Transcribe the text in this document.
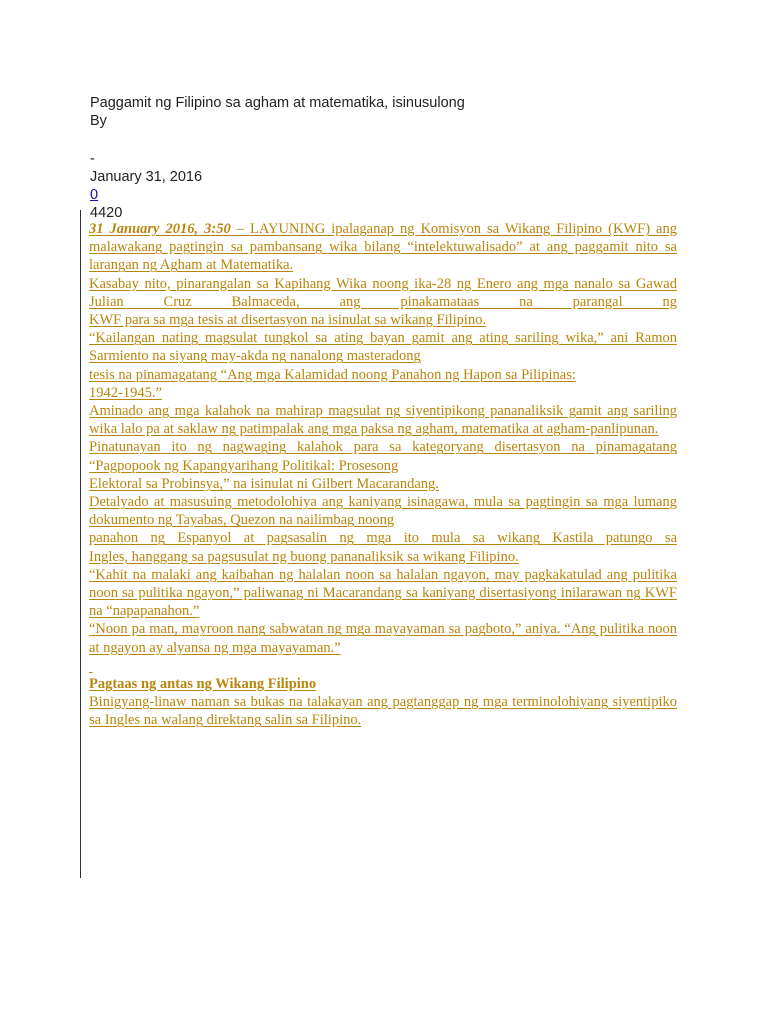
Paggamit ng Filipino sa agham at matematika, isinusulong
By
-
January 31, 2016
0
4420

31 January 2016, 3:50 – LAYUNING ipalaganap ng Komisyon sa Wikang Filipino (KWF) ang malawakang pagtingin sa pambansang wika bilang “intelektuwalisado” at ang paggamit nito sa larangan ng Agham at Matematika.

Kasabay nito, pinarangalan sa Kapihang Wika noong ika-28 ng Enero ang mga nanalo sa Gawad Julian Cruz Balmaceda, ang pinakamataas na parangal ng

KWF para sa mga tesis at disertasyon na isinulat sa wikang Filipino.

“Kailangan nating magsulat tungkol sa ating bayan gamit ang ating sariling wika,” ani Ramon Sarmiento na siyang may-akda ng nanalong masteradong

tesis na pinamagatang “Ang mga Kalamidad noong Panahon ng Hapon sa Pilipinas:

1942-1945.”

Aminado ang mga kalahok na mahirap magsulat ng siyentipikong pananaliksik gamit ang sariling wika lalo pa at saklaw ng patimpalak ang mga paksa ng agham, matematika at agham-panlipunan.

Pinatunayan ito ng nagwaging kalahok para sa kategoryang disertasyon na pinamagatang “Pagpopook ng Kapangyarihang Politikal: Prosesong

Elektoral sa Probinsya,” na isinulat ni Gilbert Macarandang.

Detalyado at masusuing metodolohiya ang kaniyang isinagawa, mula sa pagtingin sa mga lumang dokumento ng Tayabas, Quezon na nailimbag noong

panahon ng Espanyol at pagsasalin ng mga ito mula sa wikang Kastila patungo sa

Ingles, hanggang sa pagsusulat ng buong pananaliksik sa wikang Filipino.

“Kahit na malaki ang kaibahan ng halalan noon sa halalan ngayon, may pagkakatulad ang pulitika noon sa pulitika ngayon,” paliwanag ni Macarandang sa kaniyang disertasiyong inilarawan ng KWF na “napapanahon.”

“Noon pa man, mayroon nang sabwatan ng mga mayayaman sa pagboto,” aniya. “Ang pulitika noon at ngayon ay alyansa ng mga mayayaman.”

Pagtaas ng antas ng Wikang Filipino

Binigyang-linaw naman sa bukas na talakayan ang pagtanggap ng mga terminolohiyang siyentipiko sa Ingles na walang direktang salin sa Filipino.
